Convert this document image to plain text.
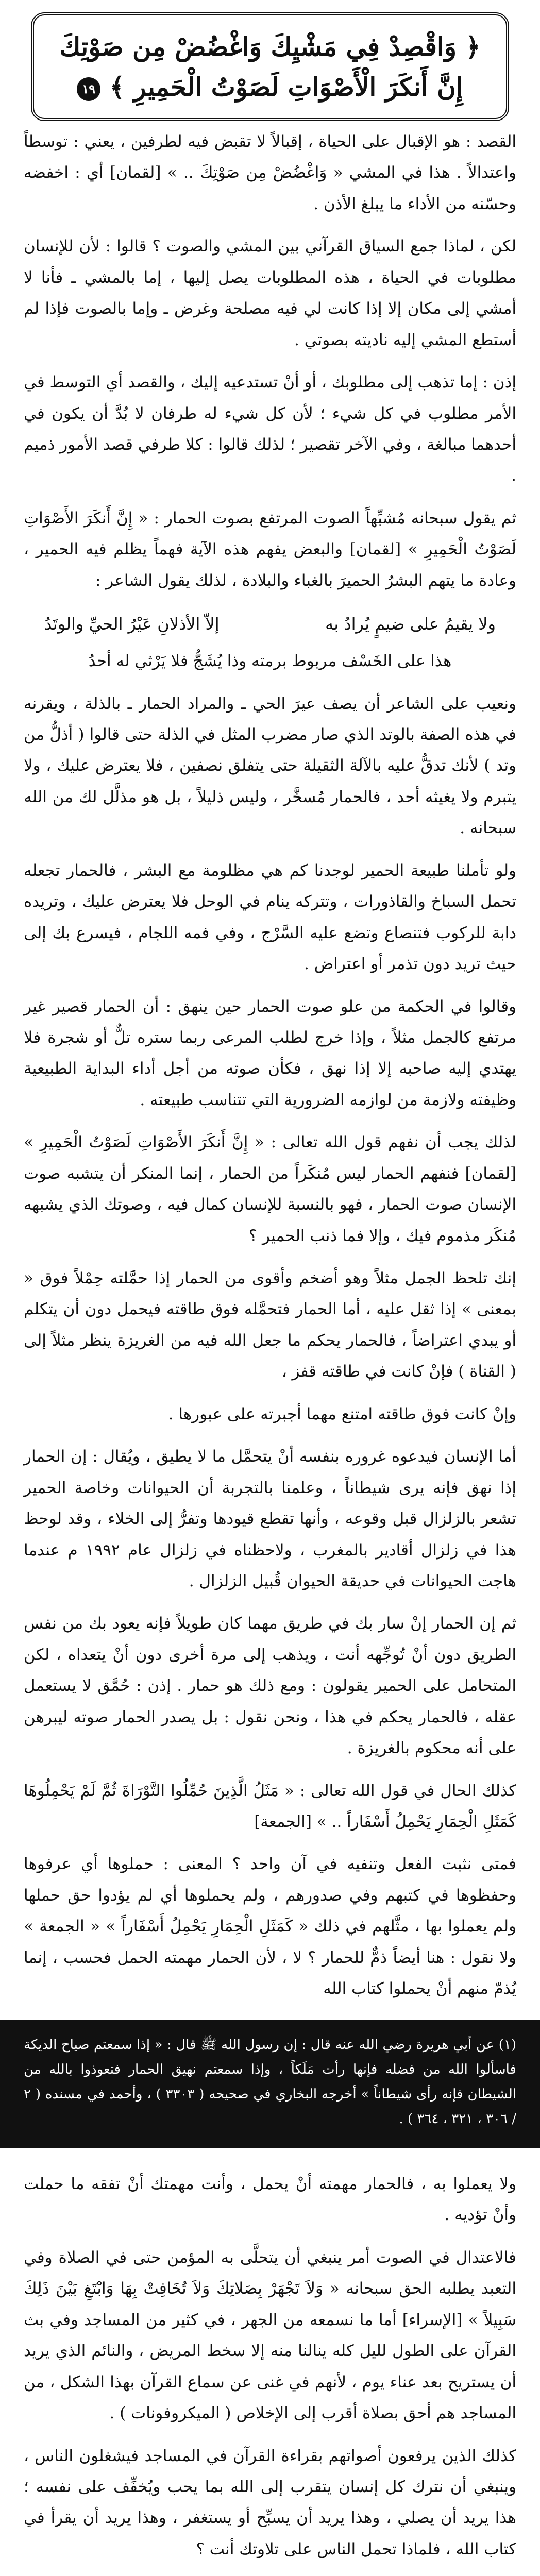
﴿ وَاقْصِدْ فِي مَشْيِكَ وَاغْضُضْ مِن صَوْتِكَ إِنَّ أَنكَرَ الْأَصْوَاتِ لَصَوْتُ الْحَمِيرِ ﴾ ١٩

القصد : هو الإقبال على الحياة ، إقبالاً لا تقبض فيه لطرفين ، يعني : توسطاً واعتدالاً . هذا في المشي « وَاغْضُضْ مِن صَوْتِكَ .. » [لقمان] أي : اخفضه وحسّنه من الأداء ما يبلغ الأذن .

لكن ، لماذا جمع السياق القرآني بين المشي والصوت ؟ قالوا : لأن للإنسان مطلوبات في الحياة ، هذه المطلوبات يصل إليها ، إما بالمشي ـ فأنا لا أمشي إلى مكان إلا إذا كانت لي فيه مصلحة وغرض ـ وإما بالصوت فإذا لم أستطع المشي إليه ناديته بصوتي .

إذن : إما تذهب إلى مطلوبك ، أو أنْ تستدعيه إليك ، والقصد أي التوسط في الأمر مطلوب في كل شيء ؛ لأن كل شيء له طرفان لا بُدَّ أن يكون في أحدهما مبالغة ، وفي الآخر تقصير ؛ لذلك قالوا : كلا طرفي قصد الأمور ذميم .

ثم يقول سبحانه مُشبِّهاً الصوت المرتفع بصوت الحمار : « إِنَّ أَنكَرَ الأَصْوَاتِ لَصَوْتُ الْحَمِيرِ » [لقمان] والبعض يفهم هذه الآية فهماً يظلم فيه الحمير ، وعادة ما يتهم البشرُ الحميرَ بالغباء والبلادة ، لذلك يقول الشاعر :

ولا يقيمُ على ضيمٍ يُرادُ به
إلاّ الأذلانِ عَيْرُ الحيِّ والوتَدُ

هذا على الخَسْف مربوط برمته وذا يُشَجُّ فلا يَرْثي له أحدُ

ونعيب على الشاعر أن يصف عيرَ الحي ـ والمراد الحمار ـ بالذلة ، ويقرنه في هذه الصفة بالوتد الذي صار مضرب المثل في الذلة حتى قالوا ( أذلُّ من وتد ) لأنك تدقُّ عليه بالآلة الثقيلة حتى يتفلق نصفين ، فلا يعترض عليك ، ولا يتبرم ولا يغيثه أحد ، فالحمار مُسخَّر ، وليس ذليلاً ، بل هو مذلَّل لك من الله سبحانه .

ولو تأملنا طبيعة الحمير لوجدنا كم هي مظلومة مع البشر ، فالحمار تجعله تحمل السباخ والقاذورات ، وتتركه ينام في الوحل فلا يعترض عليك ، وتريده دابة للركوب فتنصاع وتضع عليه السَّرْج ، وفي فمه اللجام ، فيسرع بك إلى حيث تريد دون تذمر أو اعتراض .

وقالوا في الحكمة من علو صوت الحمار حين ينهق : أن الحمار قصير غير مرتفع كالجمل مثلاً ، وإذا خرج لطلب المرعى ربما ستره تلٌّ أو شجرة فلا يهتدي إليه صاحبه إلا إذا نهق ، فكأن صوته من أجل أداء البداية الطبيعية وظيفته ولازمة من لوازمه الضرورية التي تتناسب طبيعته .

لذلك يجب أن نفهم قول الله تعالى : « إِنَّ أَنكَرَ الأَصْوَاتِ لَصَوْتُ الْحَمِيرِ » [لقمان] فنفهم الحمار ليس مُنكَراً من الحمار ، إنما المنكر أن يتشبه صوت الإنسان صوت الحمار ، فهو بالنسبة للإنسان كمال فيه ، وصوتك الذي يشبهه مُنكَر مذموم فيك ، وإلا فما ذنب الحمير ؟

إنك تلحظ الجمل مثلاً وهو أضخم وأقوى من الحمار إذا حمَّلته حِمْلاً فوق « بمعنى » إذا ثقل عليه ، أما الحمار فتحمَّله فوق طاقته فيحمل دون أن يتكلم أو يبدي اعتراضاً ، فالحمار يحكم ما جعل الله فيه من الغريزة ينظر مثلاً إلى ( القناة ) فإنْ كانت في طاقته قفز ،

وإنْ كانت فوق طاقته امتنع مهما أجبرته على عبورها .

أما الإنسان فيدعوه غروره بنفسه أنْ يتحمَّل ما لا يطيق ، ويُقال : إن الحمار إذا نهق فإنه يرى شيطاناً ، وعلمنا بالتجربة أن الحيوانات وخاصة الحمير تشعر بالزلزال قبل وقوعه ، وأنها تقطع قيودها وتفرُّ إلى الخلاء ، وقد لوحظ هذا في زلزال أقادير بالمغرب ، ولاحظناه في زلزال عام ١٩٩٢ م عندما هاجت الحيوانات في حديقة الحيوان قُبيل الزلزال .

ثم إن الحمار إنْ سار بك في طريق مهما كان طويلاً فإنه يعود بك من نفس الطريق دون أنْ تُوجِّهه أنت ، ويذهب إلى مرة أخرى دون أنْ يتعداه ، لكن المتحامل على الحمير يقولون : ومع ذلك هو حمار . إذن : حُمَّق لا يستعمل عقله ، فالحمار يحكم في هذا ، ونحن نقول : بل يصدر الحمار صوته ليبرهن على أنه محكوم بالغريزة .

كذلك الحال في قول الله تعالى : « مَثَلُ الَّذِينَ حُمِّلُوا التَّوْرَاةَ ثُمَّ لَمْ يَحْمِلُوهَا كَمَثَلِ الْحِمَارِ يَحْمِلُ أَسْفَاراً .. » [الجمعة]

فمتى نثبت الفعل وتنفيه في آن واحد ؟ المعنى : حملوها أي عرفوها وحفظوها في كتبهم وفي صدورهم ، ولم يحملوها أي لم يؤدوا حق حملها ولم يعملوا بها ، مثَّلهم في ذلك « كَمَثَلِ الْحِمَارِ يَحْمِلُ أَسْفَاراً » « الجمعة » ولا نقول : هنا أيضاً ذمٌّ للحمار ؟ لا ، لأن الحمار مهمته الحمل فحسب ، إنما يُذمّ منهم أنْ يحملوا كتاب الله

(١) عن أبي هريرة رضي الله عنه قال : إن رسول الله ﷺ قال : « إذا سمعتم صياح الديكة فاسألوا الله من فضله فإنها رأت مَلَكاً ، وإذا سمعتم نهيق الحمار فتعوذوا بالله من الشيطان فإنه رأى شيطاناً » أخرجه البخاري في صحيحه ( ٣٣٠٣ ) ، وأحمد في مسنده ( ٢ / ٣٠٦ ، ٣٢١ ، ٣٦٤ ) .

ولا يعملوا به ، فالحمار مهمته أنْ يحمل ، وأنت مهمتك أنْ تفقه ما حملت وأنْ تؤديه .

فالاعتدال في الصوت أمر ينبغي أن يتحلَّى به المؤمن حتى في الصلاة وفي التعبد يطلبه الحق سبحانه « وَلاَ تَجْهَرْ بِصَلاتِكَ وَلاَ تُخَافِتْ بِهَا وَابْتَغِ بَيْنَ ذَلِكَ سَبِيلاً » [الإسراء] أما ما نسمعه من الجهر ، في كثير من المساجد وفي بث القرآن على الطول لليل كله ينالنا منه إلا سخط المريض ، والنائم الذي يريد أن يستريح بعد عناء يوم ، لأنهم في غنى عن سماع القرآن بهذا الشكل ، من المساجد هم أحق بصلاة أقرب إلى الإخلاص ( الميكروفونات ) .

كذلك الذين يرفعون أصواتهم بقراءة القرآن في المساجد فيشغلون الناس ، وينبغي أن نترك كل إنسان يتقرب إلى الله بما يحب ويُخفِّف على نفسه ؛ هذا يريد أن يصلي ، وهذا يريد أن يسبِّح أو يستغفر ، وهذا يريد أن يقرأ في كتاب الله ، فلماذا تحمل الناس على تلاوتك أنت ؟
